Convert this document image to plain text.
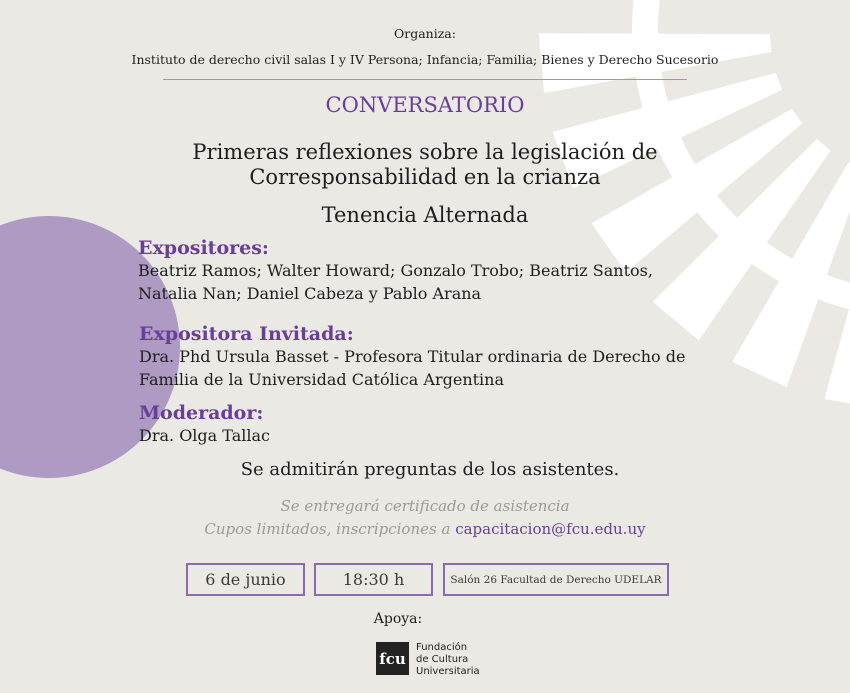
Organiza:
Instituto de derecho civil salas I y IV Persona; Infancia; Familia; Bienes y Derecho Sucesorio
CONVERSATORIO
Primeras reflexiones sobre la legislación de
Corresponsabilidad en la crianza
Tenencia Alternada
Expositores:
Beatriz Ramos; Walter Howard; Gonzalo Trobo; Beatriz Santos,
Natalia Nan; Daniel Cabeza y Pablo Arana
Expositora Invitada:
Dra. Phd Ursula Basset - Profesora Titular ordinaria de Derecho de
Familia de la Universidad Católica Argentina
Moderador:
Dra. Olga Tallac
Se admitirán preguntas de los asistentes.
Se entregará certificado de asistencia
Cupos limitados, inscripciones a capacitacion@fcu.edu.uy
6 de junio	18:30 h	Salón 26 Facultad de Derecho UDELAR
Apoya:
fcu
Fundación
de Cultura
Universitaria
